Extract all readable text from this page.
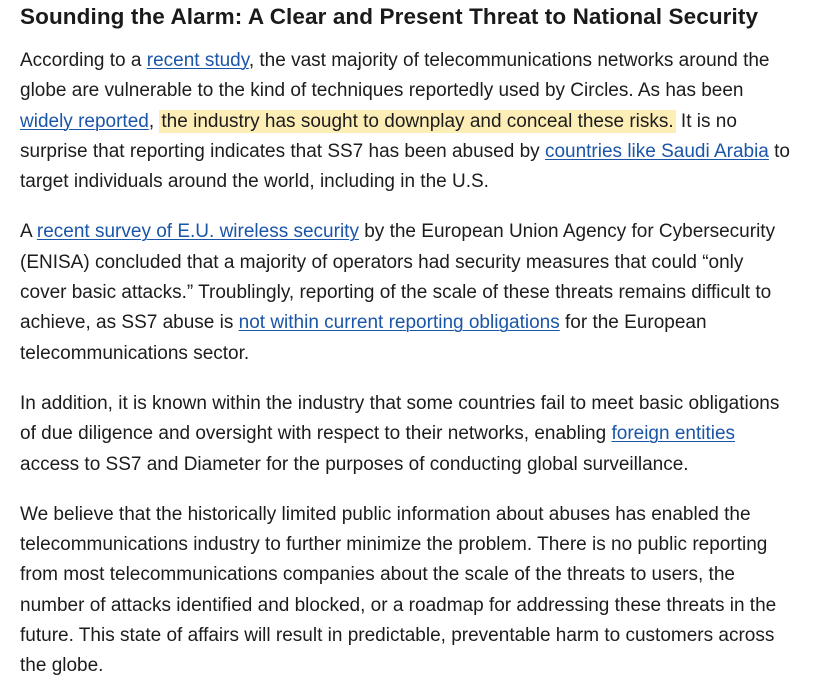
Sounding the Alarm: A Clear and Present Threat to National Security

According to a recent study, the vast majority of telecommunications networks around the globe are vulnerable to the kind of techniques reportedly used by Circles. As has been widely reported, the industry has sought to downplay and conceal these risks. It is no surprise that reporting indicates that SS7 has been abused by countries like Saudi Arabia to target individuals around the world, including in the U.S.

A recent survey of E.U. wireless security by the European Union Agency for Cybersecurity (ENISA) concluded that a majority of operators had security measures that could “only cover basic attacks.” Troublingly, reporting of the scale of these threats remains difficult to achieve, as SS7 abuse is not within current reporting obligations for the European telecommunications sector.

In addition, it is known within the industry that some countries fail to meet basic obligations of due diligence and oversight with respect to their networks, enabling foreign entities access to SS7 and Diameter for the purposes of conducting global surveillance.

We believe that the historically limited public information about abuses has enabled the telecommunications industry to further minimize the problem. There is no public reporting from most telecommunications companies about the scale of the threats to users, the number of attacks identified and blocked, or a roadmap for addressing these threats in the future. This state of affairs will result in predictable, preventable harm to customers across the globe.
